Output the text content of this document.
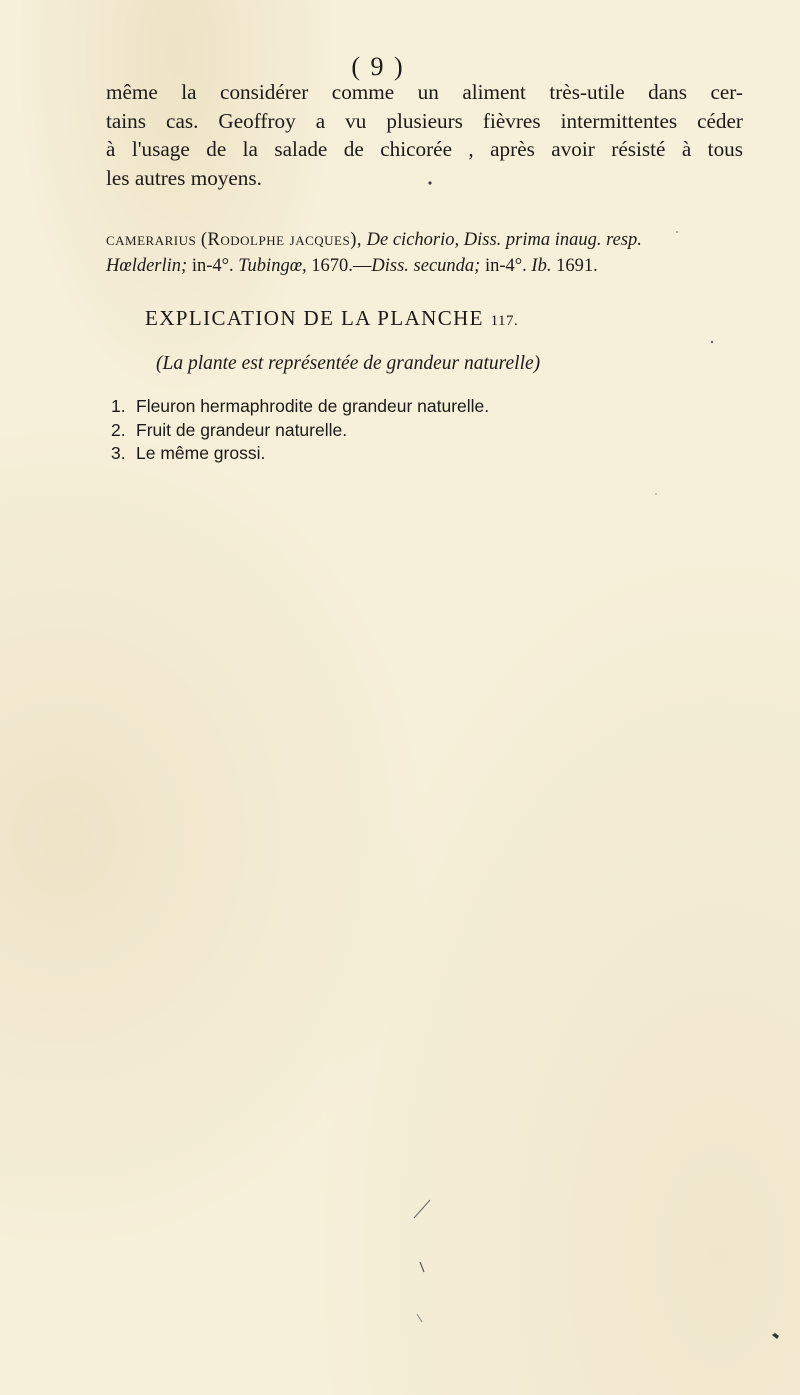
( 9 )
même la considérer comme un aliment très-utile dans cer-
tains cas. Geoffroy a vu plusieurs fièvres intermittentes céder
à l'usage de la salade de chicorée , après avoir résisté à tous
les autres moyens.
camerarius (Rodolphe jacques), De cichorio, Diss. prima inaug. resp.
Hœlderlin; in-4°. Tubingœ, 1670.—Diss. secunda; in-4°. Ib. 1691.
EXPLICATION DE LA PLANCHE 117.
(La plante est représentée de grandeur naturelle)
1. Fleuron hermaphrodite de grandeur naturelle.
2. Fruit de grandeur naturelle.
3. Le même grossi.
